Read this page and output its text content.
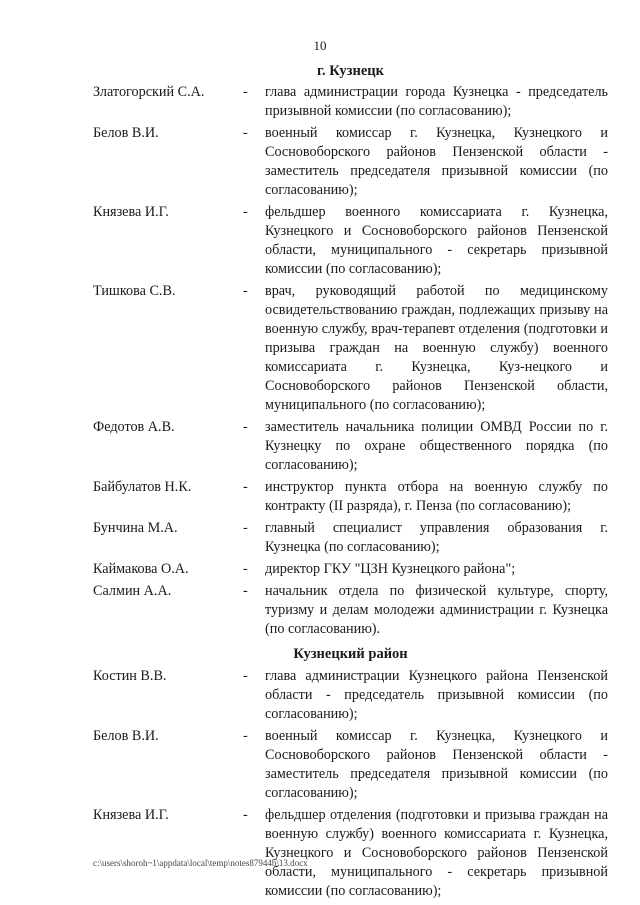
10
г. Кузнецк
Златогорский С.А.	-	глава администрации города Кузнецка - председатель призывной комиссии (по согласованию);
Белов В.И.	-	военный комиссар г. Кузнецка, Кузнецкого и Сосновоборского районов Пензенской области - заместитель председателя призывной комиссии (по согласованию);
Князева И.Г.	-	фельдшер военного комиссариата г. Кузнецка, Кузнецкого и Сосновоборского районов Пензенской области, муниципального - секретарь призывной комиссии (по согласованию);
Тишкова С.В.	-	врач, руководящий работой по медицинскому освидетельствованию граждан, подлежащих призыву на военную службу, врач-терапевт отделения (подготовки и призыва граждан на военную службу) военного комиссариата г. Кузнецка, Куз-нецкого и Сосновоборского районов Пензенской области, муниципального (по согласованию);
Федотов А.В.	-	заместитель начальника полиции ОМВД России по г. Кузнецку по охране общественного порядка (по согласованию);
Байбулатов Н.К.	-	инструктор пункта отбора на военную службу по контракту (II разряда), г. Пенза (по согласованию);
Бунчина М.А.	-	главный специалист управления образования г. Кузнецка (по согласованию);
Каймакова О.А.	-	директор ГКУ "ЦЗН Кузнецкого района";
Салмин А.А.	-	начальник отдела по физической культуре, спорту, туризму и делам молодежи администрации г. Кузнецка (по согласованию).
Кузнецкий район
Костин В.В.	-	глава администрации Кузнецкого района Пензенской области - председатель призывной комиссии (по согласованию);
Белов В.И.	-	военный комиссар г. Кузнецка, Кузнецкого и Сосновоборского районов Пензенской области - заместитель председателя призывной комиссии (по согласованию);
Князева И.Г.	-	фельдшер отделения (подготовки и призыва граждан на военную службу) военного комиссариата г. Кузнецка, Кузнецкого и Сосновоборского районов Пензенской области, муниципального - секретарь призывной комиссии (по согласованию);
c:\users\shoroh~1\appdata\local\temp\notes87944b\13.docx
